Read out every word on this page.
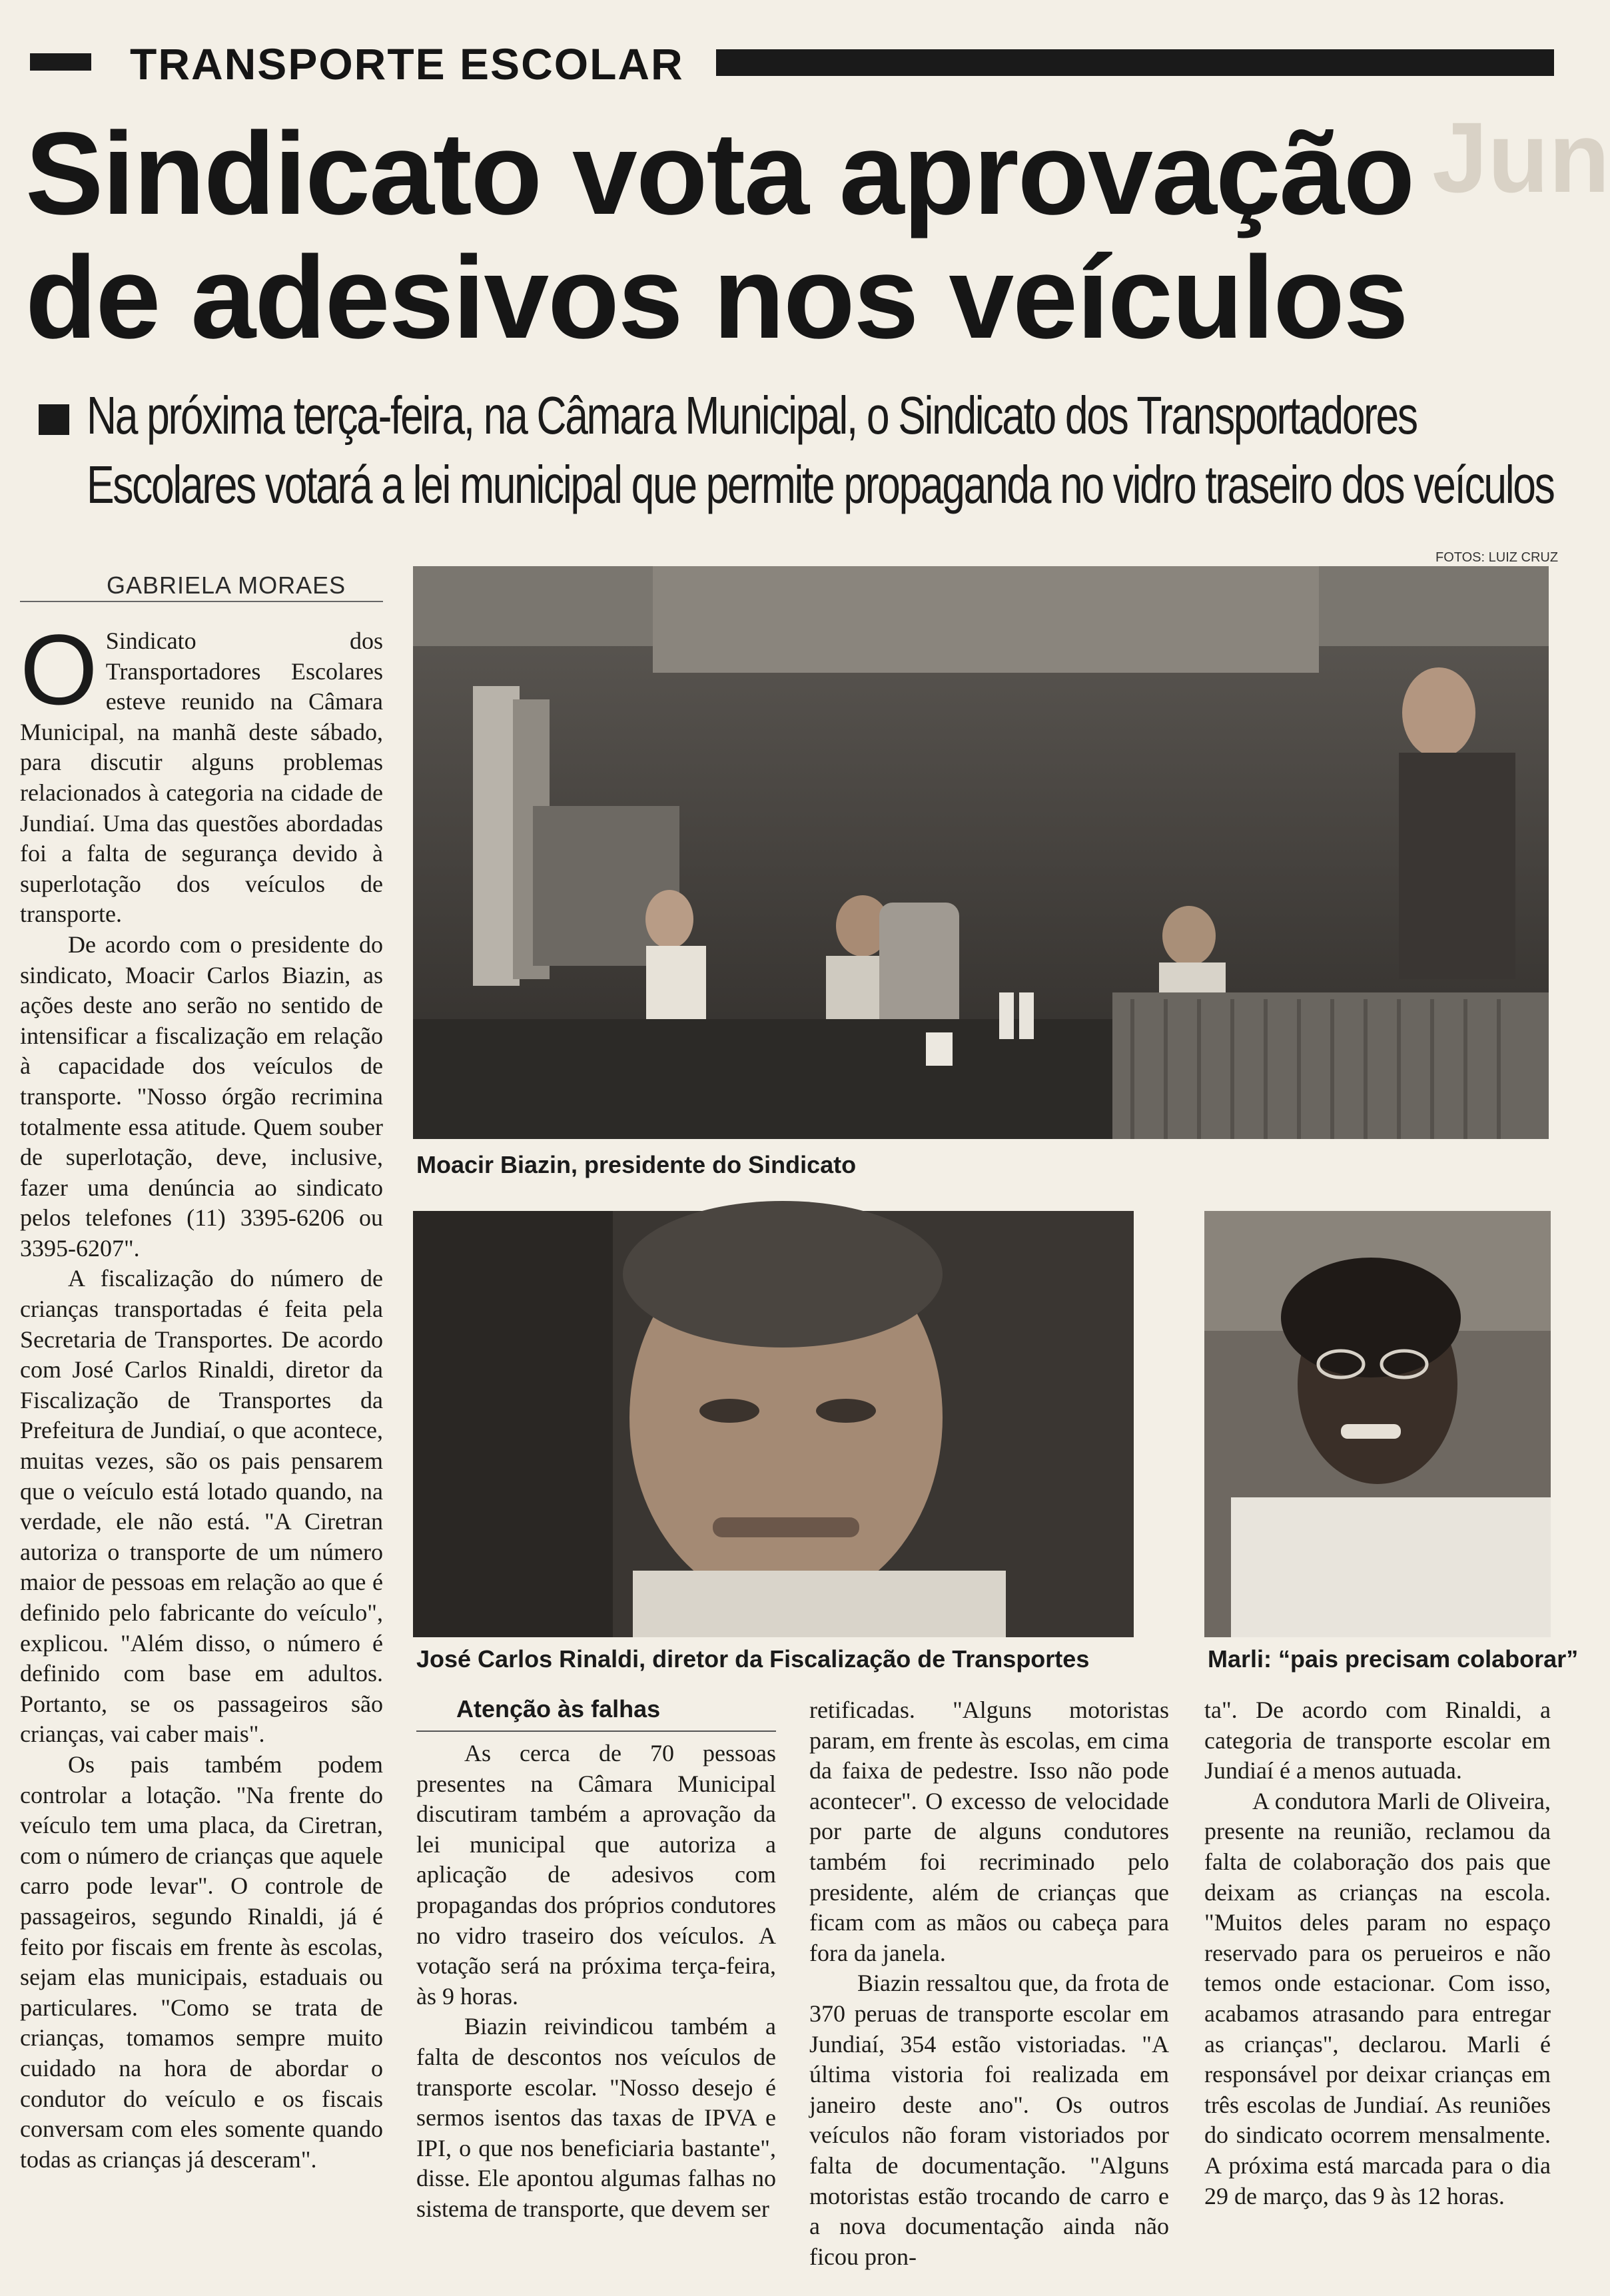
TRANSPORTE ESCOLAR
Jun
Sindicato vota aprovação
de adesivos nos veículos
Na próxima terça-feira, na Câmara Municipal, o Sindicato dos Transportadores
Escolares votará a lei municipal que permite propaganda no vidro traseiro dos veículos
GABRIELA MORAES
FOTOS: LUIZ CRUZ
O Sindicato dos Transportadores Escolares esteve reunido na Câmara Municipal, na manhã deste sábado, para discutir alguns problemas relacionados à categoria na cidade de Jundiaí. Uma das questões abordadas foi a falta de segurança devido à superlotação dos veículos de transporte.

De acordo com o presidente do sindicato, Moacir Carlos Biazin, as ações deste ano serão no sentido de intensificar a fiscalização em relação à capacidade dos veículos de transporte. "Nosso órgão recrimina totalmente essa atitude. Quem souber de superlotação, deve, inclusive, fazer uma denúncia ao sindicato pelos telefones (11) 3395-6206 ou 3395-6207".

A fiscalização do número de crianças transportadas é feita pela Secretaria de Transportes. De acordo com José Carlos Rinaldi, diretor da Fiscalização de Transportes da Prefeitura de Jundiaí, o que acontece, muitas vezes, são os pais pensarem que o veículo está lotado quando, na verdade, ele não está. "A Ciretran autoriza o transporte de um número maior de pessoas em relação ao que é definido pelo fabricante do veículo", explicou. "Além disso, o número é definido com base em adultos. Portanto, se os passageiros são crianças, vai caber mais".

Os pais também podem controlar a lotação. "Na frente do veículo tem uma placa, da Ciretran, com o número de crianças que aquele carro pode levar". O controle de passageiros, segundo Rinaldi, já é feito por fiscais em frente às escolas, sejam elas municipais, estaduais ou particulares. "Como se trata de crianças, tomamos sempre muito cuidado na hora de abordar o condutor do veículo e os fiscais conversam com eles somente quando todas as crianças já desceram".

Moacir Biazin, presidente do Sindicato
José Carlos Rinaldi, diretor da Fiscalização de Transportes	Marli: “pais precisam colaborar”
Atenção às falhas

As cerca de 70 pessoas presentes na Câmara Municipal discutiram também a aprovação da lei municipal que autoriza a aplicação de adesivos com propagandas dos próprios condutores no vidro traseiro dos veículos. A votação será na próxima terça-feira, às 9 horas.

Biazin reivindicou também a falta de descontos nos veículos de transporte escolar. "Nosso desejo é sermos isentos das taxas de IPVA e IPI, o que nos beneficiaria bastante", disse. Ele apontou algumas falhas no sistema de transporte, que devem ser

retificadas. "Alguns motoristas param, em frente às escolas, em cima da faixa de pedestre. Isso não pode acontecer". O excesso de velocidade por parte de alguns condutores também foi recriminado pelo presidente, além de crianças que ficam com as mãos ou cabeça para fora da janela.

Biazin ressaltou que, da frota de 370 peruas de transporte escolar em Jundiaí, 354 estão vistoriadas. "A última vistoria foi realizada em janeiro deste ano". Os outros veículos não foram vistoriados por falta de documentação. "Alguns motoristas estão trocando de carro e a nova documentação ainda não ficou pron-

ta". De acordo com Rinaldi, a categoria de transporte escolar em Jundiaí é a menos autuada.

A condutora Marli de Oliveira, presente na reunião, reclamou da falta de colaboração dos pais que deixam as crianças na escola. "Muitos deles param no espaço reservado para os perueiros e não temos onde estacionar. Com isso, acabamos atrasando para entregar as crianças", declarou. Marli é responsável por deixar crianças em três escolas de Jundiaí. As reuniões do sindicato ocorrem mensalmente. A próxima está marcada para o dia 29 de março, das 9 às 12 horas.
